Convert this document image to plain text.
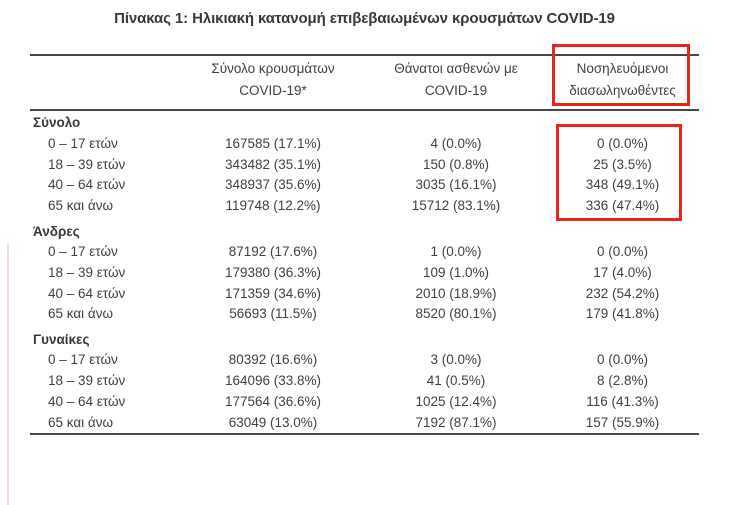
Πίνακας 1: Ηλικιακή κατανομή επιβεβαιωμένων κρουσμάτων COVID-19
Σύνολο κρουσμάτων
COVID-19*
Θάνατοι ασθενών με
COVID-19
Νοσηλευόμενοι
διασωληνωθέντες
Σύνολο
0 – 17 ετών	167585 (17.1%)	4 (0.0%)	0 (0.0%)
18 – 39 ετών	343482 (35.1%)	150 (0.8%)	25 (3.5%)
40 – 64 ετών	348937 (35.6%)	3035 (16.1%)	348 (49.1%)
65 και άνω	119748 (12.2%)	15712 (83.1%)	336 (47.4%)
Άνδρες
0 – 17 ετών	87192 (17.6%)	1 (0.0%)	0 (0.0%)
18 – 39 ετών	179380 (36.3%)	109 (1.0%)	17 (4.0%)
40 – 64 ετών	171359 (34.6%)	2010 (18.9%)	232 (54.2%)
65 και άνω	56693 (11.5%)	8520 (80.1%)	179 (41.8%)
Γυναίκες
0 – 17 ετών	80392 (16.6%)	3 (0.0%)	0 (0.0%)
18 – 39 ετών	164096 (33.8%)	41 (0.5%)	8 (2.8%)
40 – 64 ετών	177564 (36.6%)	1025 (12.4%)	116 (41.3%)
65 και άνω	63049 (13.0%)	7192 (87.1%)	157 (55.9%)
